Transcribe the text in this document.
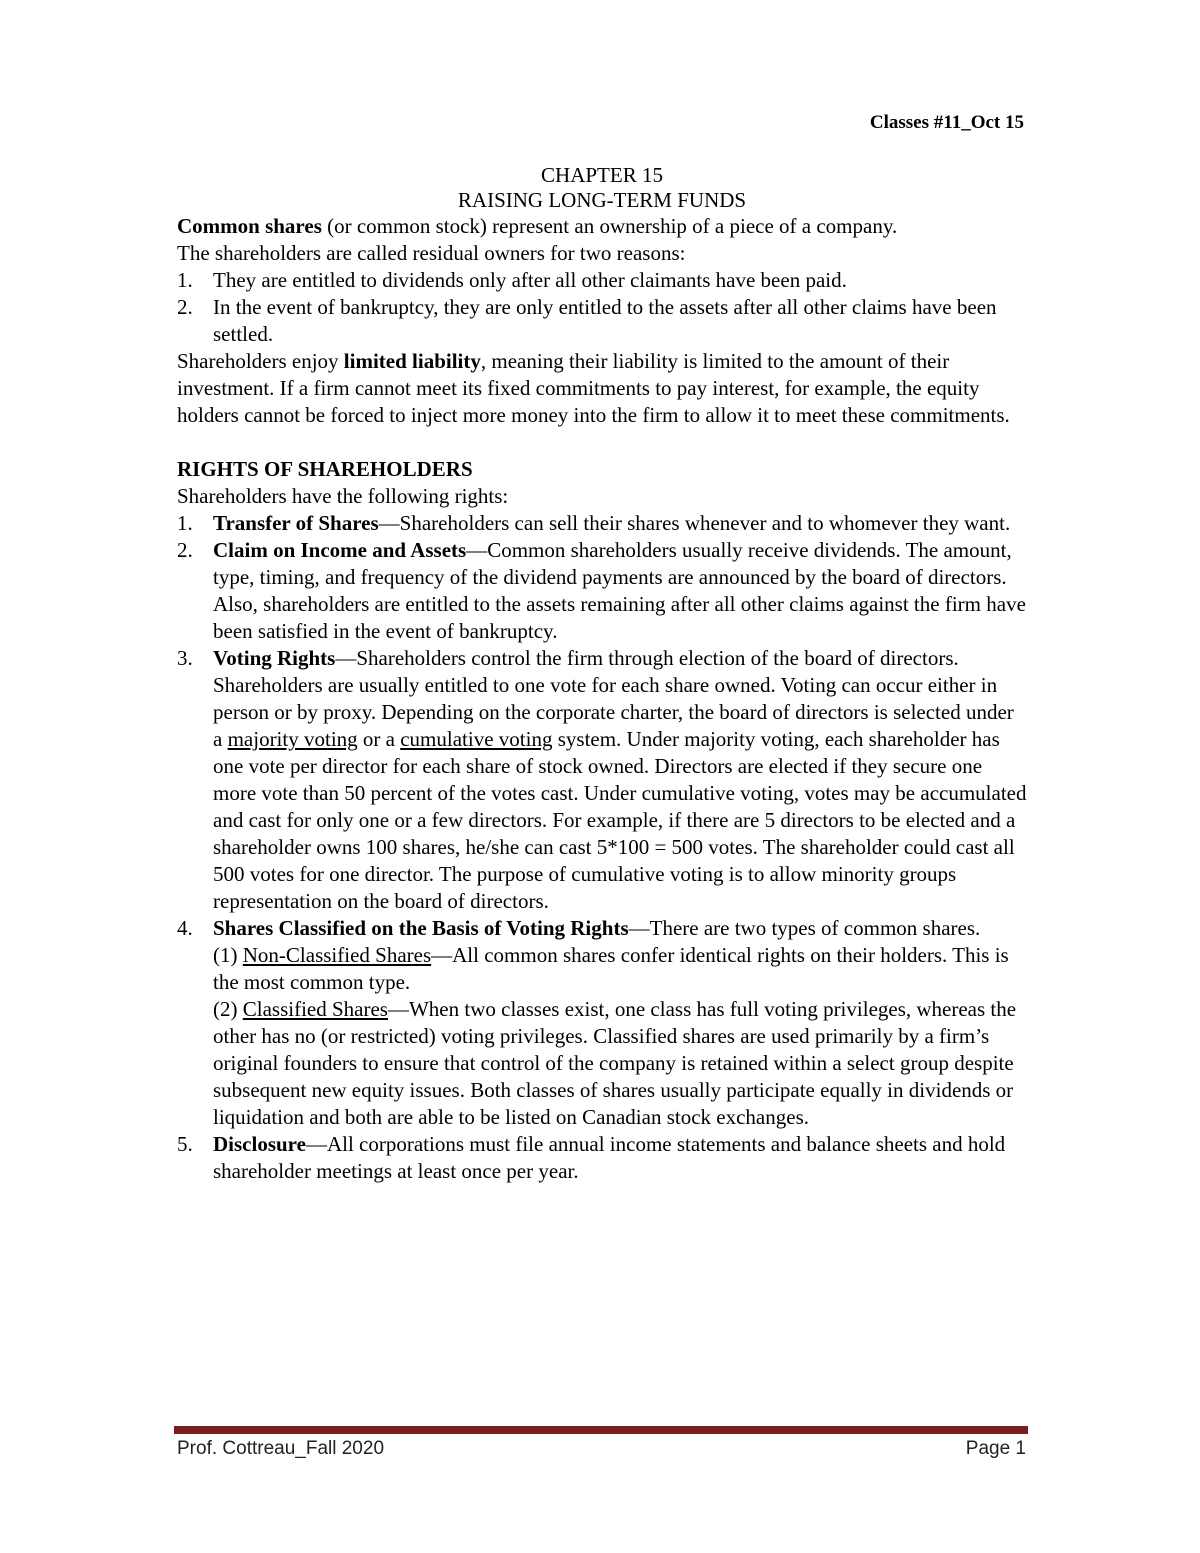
Classes #11_Oct 15
CHAPTER 15
RAISING LONG-TERM FUNDS

Common shares (or common stock) represent an ownership of a piece of a company.

The shareholders are called residual owners for two reasons:

1. They are entitled to dividends only after all other claimants have been paid.
2. In the event of bankruptcy, they are only entitled to the assets after all other claims have been settled.

Shareholders enjoy limited liability, meaning their liability is limited to the amount of their investment. If a firm cannot meet its fixed commitments to pay interest, for example, the equity holders cannot be forced to inject more money into the firm to allow it to meet these commitments.

RIGHTS OF SHAREHOLDERS

Shareholders have the following rights:

1. Transfer of Shares—Shareholders can sell their shares whenever and to whomever they want.
2. Claim on Income and Assets—Common shareholders usually receive dividends. The amount, type, timing, and frequency of the dividend payments are announced by the board of directors. Also, shareholders are entitled to the assets remaining after all other claims against the firm have been satisfied in the event of bankruptcy.
3. Voting Rights—Shareholders control the firm through election of the board of directors. Shareholders are usually entitled to one vote for each share owned. Voting can occur either in person or by proxy. Depending on the corporate charter, the board of directors is selected under a majority voting or a cumulative voting system. Under majority voting, each shareholder has one vote per director for each share of stock owned. Directors are elected if they secure one more vote than 50 percent of the votes cast. Under cumulative voting, votes may be accumulated and cast for only one or a few directors. For example, if there are 5 directors to be elected and a shareholder owns 100 shares, he/she can cast 5*100 = 500 votes. The shareholder could cast all 500 votes for one director. The purpose of cumulative voting is to allow minority groups representation on the board of directors.
4. Shares Classified on the Basis of Voting Rights—There are two types of common shares.
(1) Non-Classified Shares—All common shares confer identical rights on their holders. This is the most common type.
(2) Classified Shares—When two classes exist, one class has full voting privileges, whereas the other has no (or restricted) voting privileges. Classified shares are used primarily by a firm’s original founders to ensure that control of the company is retained within a select group despite subsequent new equity issues. Both classes of shares usually participate equally in dividends or liquidation and both are able to be listed on Canadian stock exchanges.
5. Disclosure—All corporations must file annual income statements and balance sheets and hold shareholder meetings at least once per year.
Prof. Cottreau_Fall 2020	Page 1
